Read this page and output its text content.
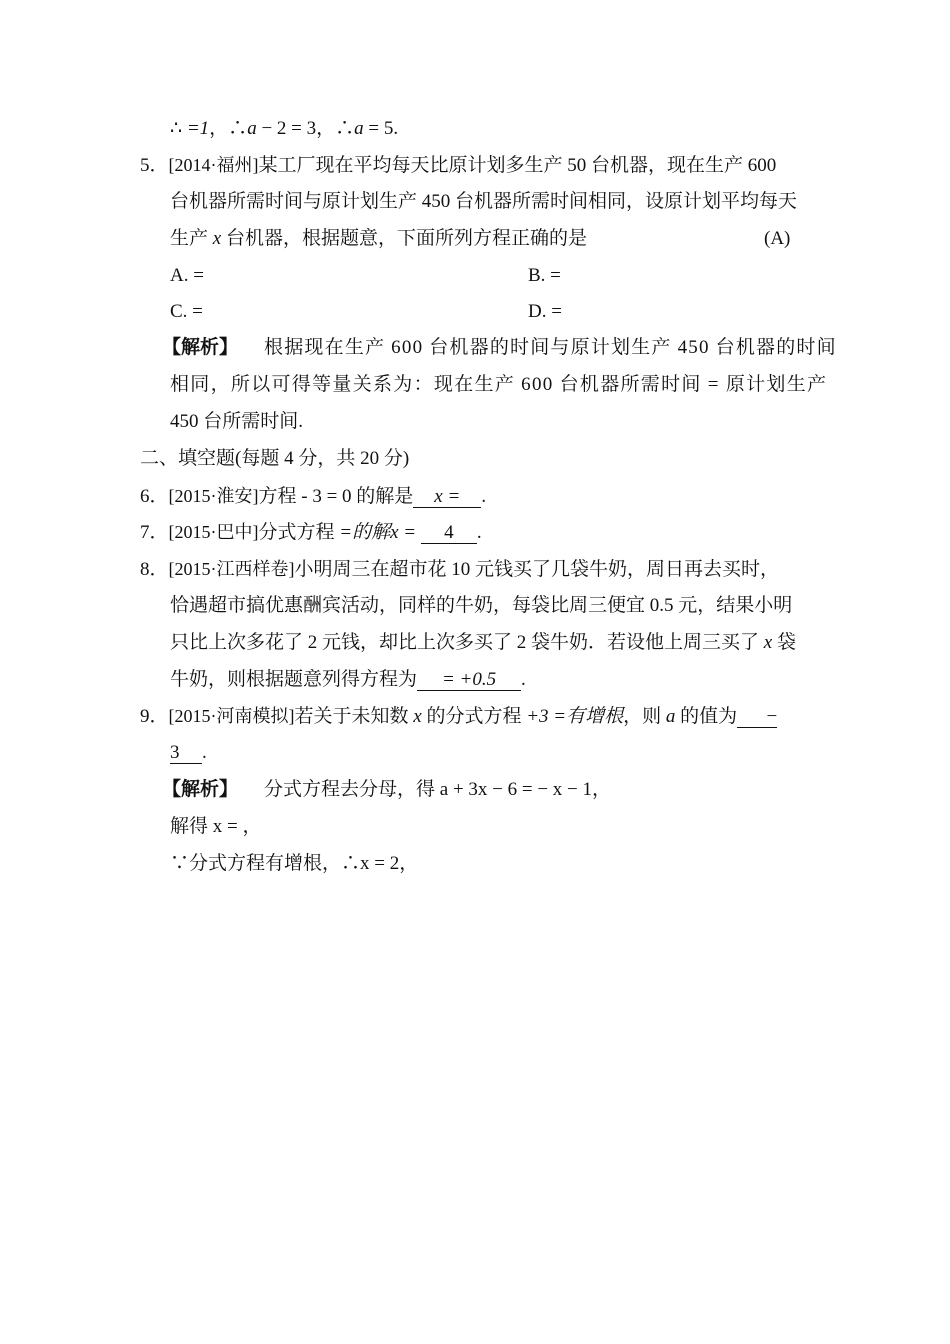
∴ =1，∴a − 2 = 3，∴a = 5.
5．[2014·福州]某工厂现在平均每天比原计划多生产 50 台机器，现在生产 600
台机器所需时间与原计划生产 450 台机器所需时间相同，设原计划平均每天
生产 x 台机器，根据题意，下面所列方程正确的是	(A)
A. =	B. =
C. =	D. =
【解析】 根据现在生产 600 台机器的时间与原计划生产 450 台机器的时间
相同，所以可得等量关系为：现在生产 600 台机器所需时间 = 原计划生产
450 台所需时间.
二、填空题(每题 4 分，共 20 分)
6．[2015·淮安]方程 - 3 = 0 的解是 x =.
7．[2015·巴中]分式方程 =的解x = 4 .
8．[2015·江西样卷]小明周三在超市花 10 元钱买了几袋牛奶，周日再去买时，
恰遇超市搞优惠酬宾活动，同样的牛奶，每袋比周三便宜 0.5 元，结果小明
只比上次多花了 2 元钱，却比上次多买了 2 袋牛奶．若设他上周三买了 x 袋
牛奶，则根据题意列得方程为= +0.5 .
9．[2015·河南模拟]若关于未知数 x 的分式方程 +3 =有增根，则 a 的值为 −
3 .
【解析】 分式方程去分母，得 a + 3x − 6 = − x − 1，
解得 x = ，
∵分式方程有增根，∴x = 2，
